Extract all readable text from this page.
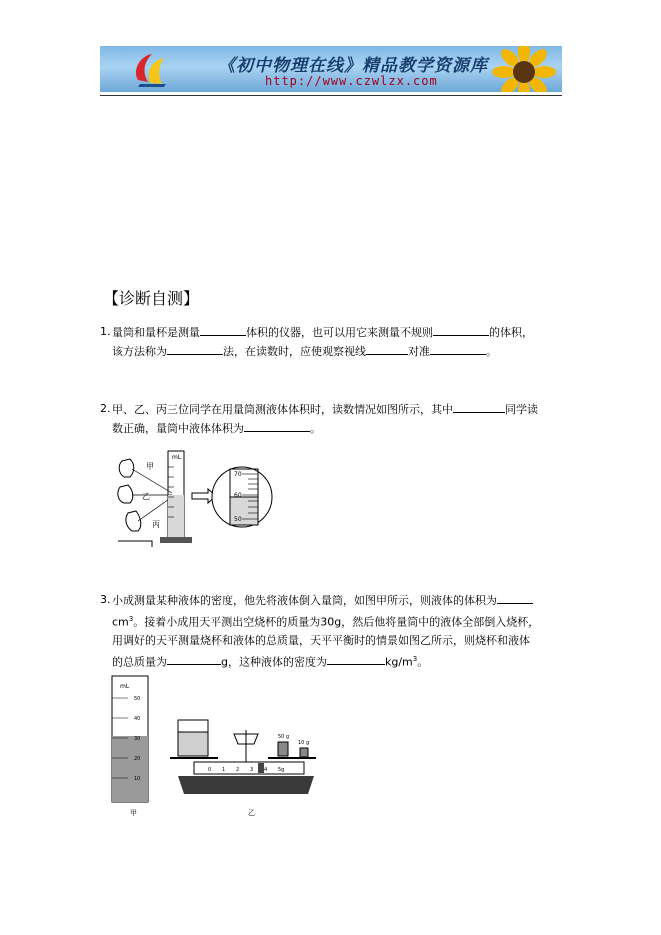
《初中物理在线》精品教学资源库
http://www.czwlzx.com
【诊断自测】
1. 量筒和量杯是测量	体积的仪器，也可以用它来测量不规则	的体积，
该方法称为	法，在读数时，应使观察视线	对准	。
2. 甲、乙、丙三位同学在用量筒测液体体积时，读数情况如图所示，其中	同学读
数正确，量筒中液体体积为	。
甲
乙
丙
mL
70
60
50
3. 小成测量某种液体的密度，他先将液体倒入量筒，如图甲所示，则液体的体积为
$cm^3$。接着小成用天平测出空烧杯的质量为30g，然后他将量筒中的液体全部倒入烧杯，
用调好的天平测量烧杯和液体的总质量，天平平衡时的情景如图乙所示，则烧杯和液体
的总质量为	g，这种液体的密度为	$kg/m^3$。
mL
50
40
30
20
10
甲
50 g
10 g
0 1 2 3 4 5g
乙
